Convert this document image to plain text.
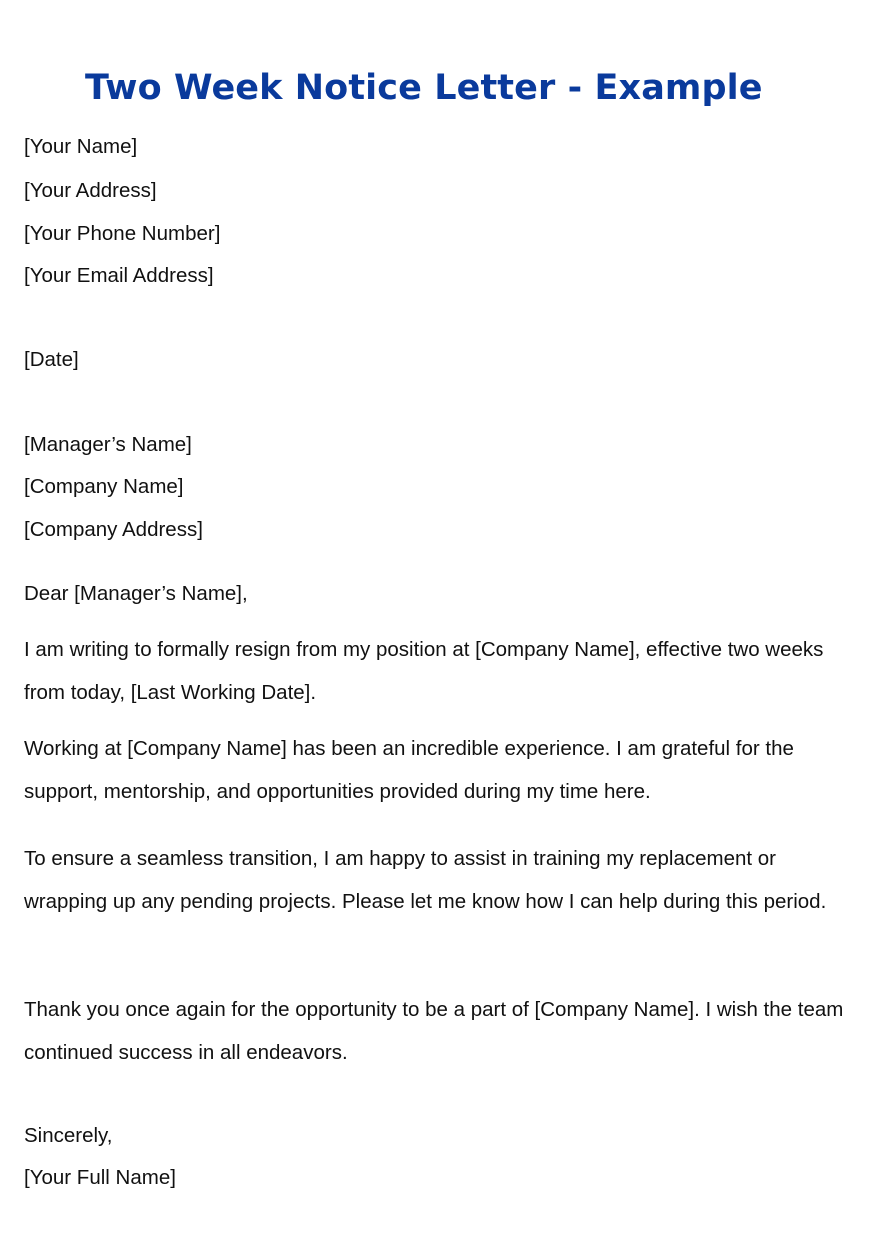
Two Week Notice Letter - Example

[Your Name]

[Your Address]

[Your Phone Number]

[Your Email Address]

[Date]

[Manager’s Name]

[Company Name]

[Company Address]

Dear [Manager’s Name],

I am writing to formally resign from my position at [Company Name], effective two weeks from today, [Last Working Date].

Working at [Company Name] has been an incredible experience. I am grateful for the support, mentorship, and opportunities provided during my time here.

To ensure a seamless transition, I am happy to assist in training my replacement or wrapping up any pending projects. Please let me know how I can help during this period.

Thank you once again for the opportunity to be a part of [Company Name]. I wish the team continued success in all endeavors.

Sincerely,

[Your Full Name]
